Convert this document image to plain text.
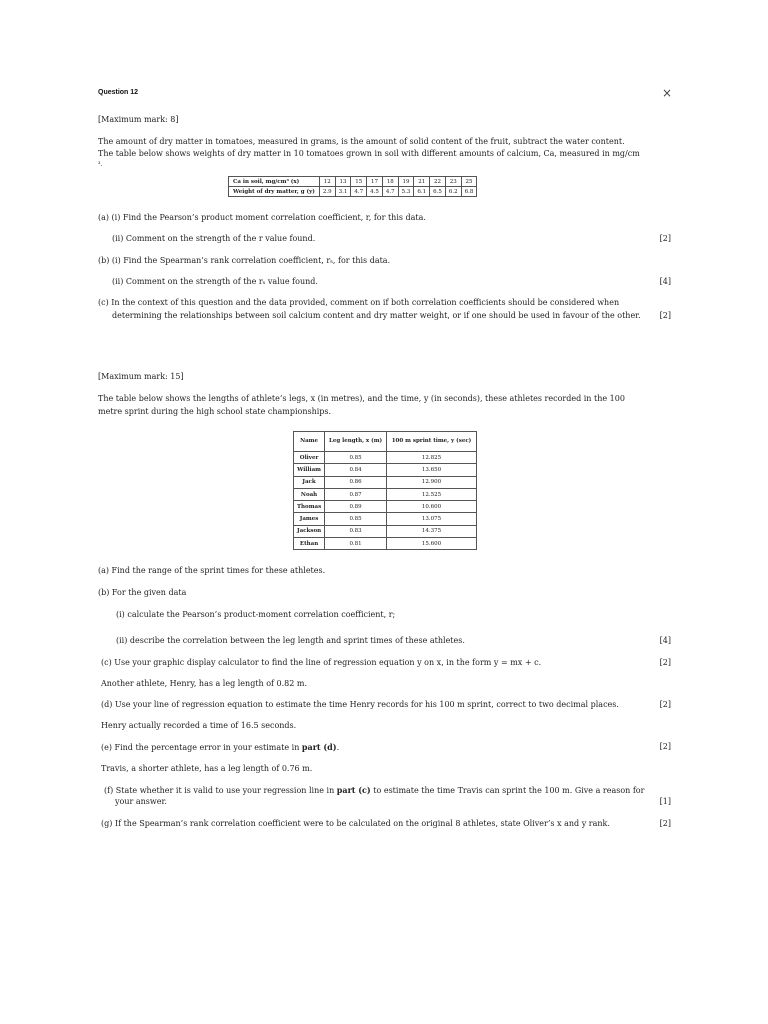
Question 12	×
[Maximum mark: 8]
The amount of dry matter in tomatoes, measured in grams, is the amount of solid content of the fruit, subtract the water content.
The table below shows weights of dry matter in 10 tomatoes grown in soil with different amounts of calcium, Ca, measured in mg/cm
³.
Ca in soil, mg/cm³ (x)	12	13	15	17	18	19	21	22	23	25
Weight of dry matter, g (y)	2.9	3.1	4.7	4.5	4.7	5.3	6.1	6.5	6.2	6.8
(a) (i) Find the Pearson’s product moment correlation coefficient, r, for this data.
(ii) Comment on the strength of the r value found.	[2]
(b) (i) Find the Spearman’s rank correlation coefficient, rₛ, for this data.
(ii) Comment on the strength of the rₛ value found.	[4]
(c) In the context of this question and the data provided, comment on if both correlation coefficients should be considered when
determining the relationships between soil calcium content and dry matter weight, or if one should be used in favour of the other. [2]
[Maximum mark: 15]
The table below shows the lengths of athlete’s legs, x (in metres), and the time, y (in seconds), these athletes recorded in the 100
metre sprint during the high school state championships.
Name	Leg length, x (m)	100 m sprint time, y (sec)
Oliver	0.85	12.825
William	0.84	13.650
Jack	0.86	12.900
Noah	0.87	12.525
Thomas	0.89	10.600
James	0.85	13.075
Jackson	0.83	14.375
Ethan	0.81	15.600
(a) Find the range of the sprint times for these athletes.
(b) For the given data
(i) calculate the Pearson’s product-moment correlation coefficient, r;
(ii) describe the correlation between the leg length and sprint times of these athletes.	[4]
(c) Use your graphic display calculator to find the line of regression equation y on x, in the form y = mx + c.	[2]
Another athlete, Henry, has a leg length of 0.82 m.
(d) Use your line of regression equation to estimate the time Henry records for his 100 m sprint, correct to two decimal places.	[2]
Henry actually recorded a time of 16.5 seconds.
(e) Find the percentage error in your estimate in part (d).	[2]
Travis, a shorter athlete, has a leg length of 0.76 m.
(f) State whether it is valid to use your regression line in part (c) to estimate the time Travis can sprint the 100 m. Give a reason for
your answer.	[1]
(g) If the Spearman’s rank correlation coefficient were to be calculated on the original 8 athletes, state Oliver’s x and y rank.	[2]
